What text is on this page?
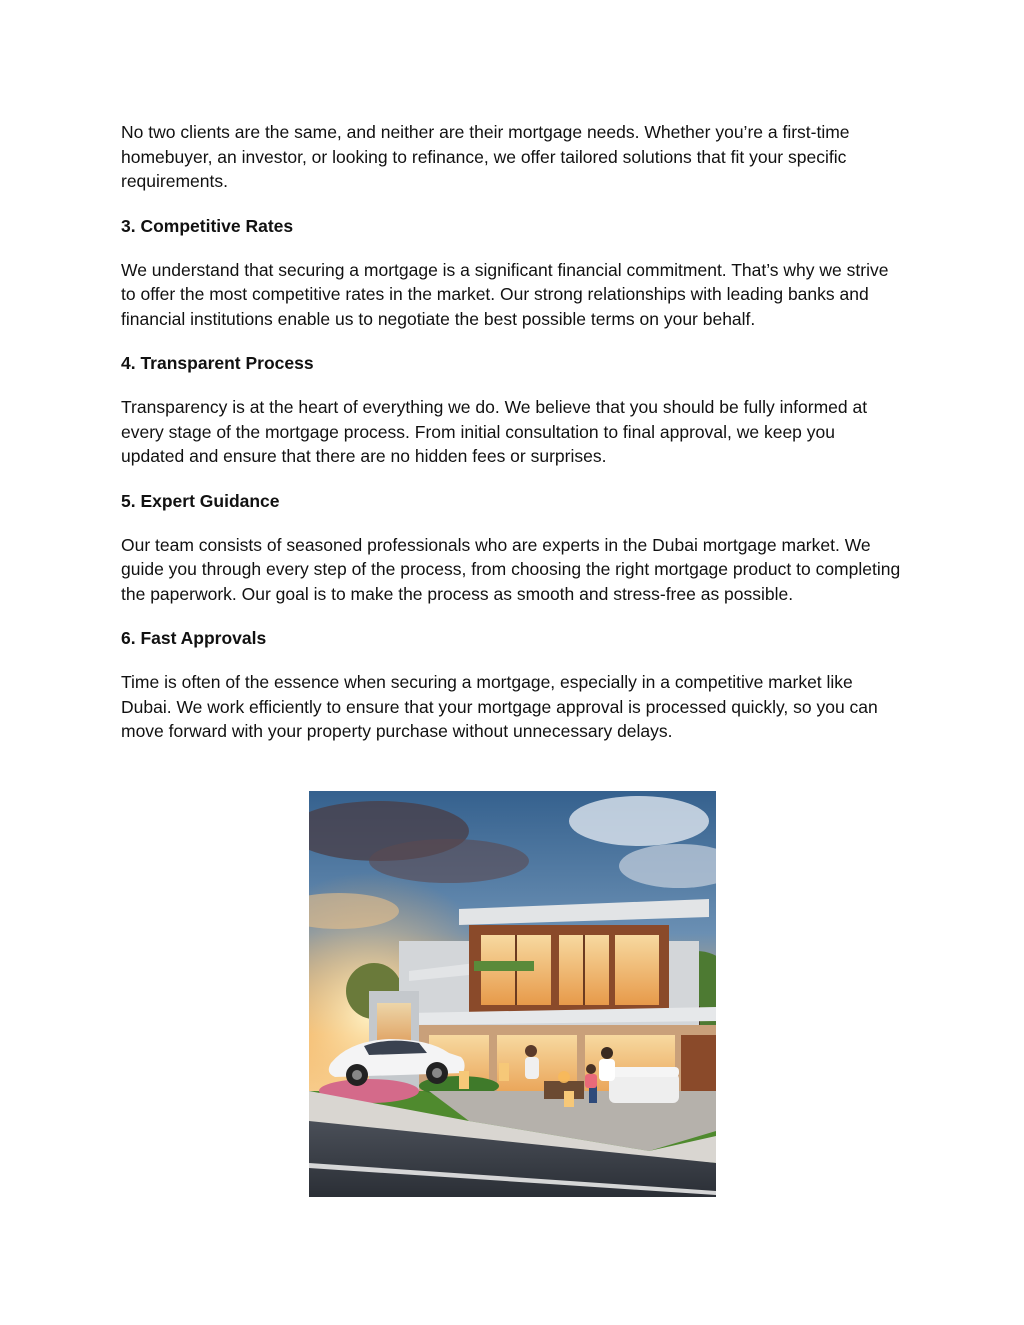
No two clients are the same, and neither are their mortgage needs. Whether you’re a first-time homebuyer, an investor, or looking to refinance, we offer tailored solutions that fit your specific requirements.

3. Competitive Rates

We understand that securing a mortgage is a significant financial commitment. That’s why we strive to offer the most competitive rates in the market. Our strong relationships with leading banks and financial institutions enable us to negotiate the best possible terms on your behalf.

4. Transparent Process

Transparency is at the heart of everything we do. We believe that you should be fully informed at every stage of the mortgage process. From initial consultation to final approval, we keep you updated and ensure that there are no hidden fees or surprises.

5. Expert Guidance

Our team consists of seasoned professionals who are experts in the Dubai mortgage market. We guide you through every step of the process, from choosing the right mortgage product to completing the paperwork. Our goal is to make the process as smooth and stress-free as possible.

6. Fast Approvals

Time is often of the essence when securing a mortgage, especially in a competitive market like Dubai. We work efficiently to ensure that your mortgage approval is processed quickly, so you can move forward with your property purchase without unnecessary delays.
